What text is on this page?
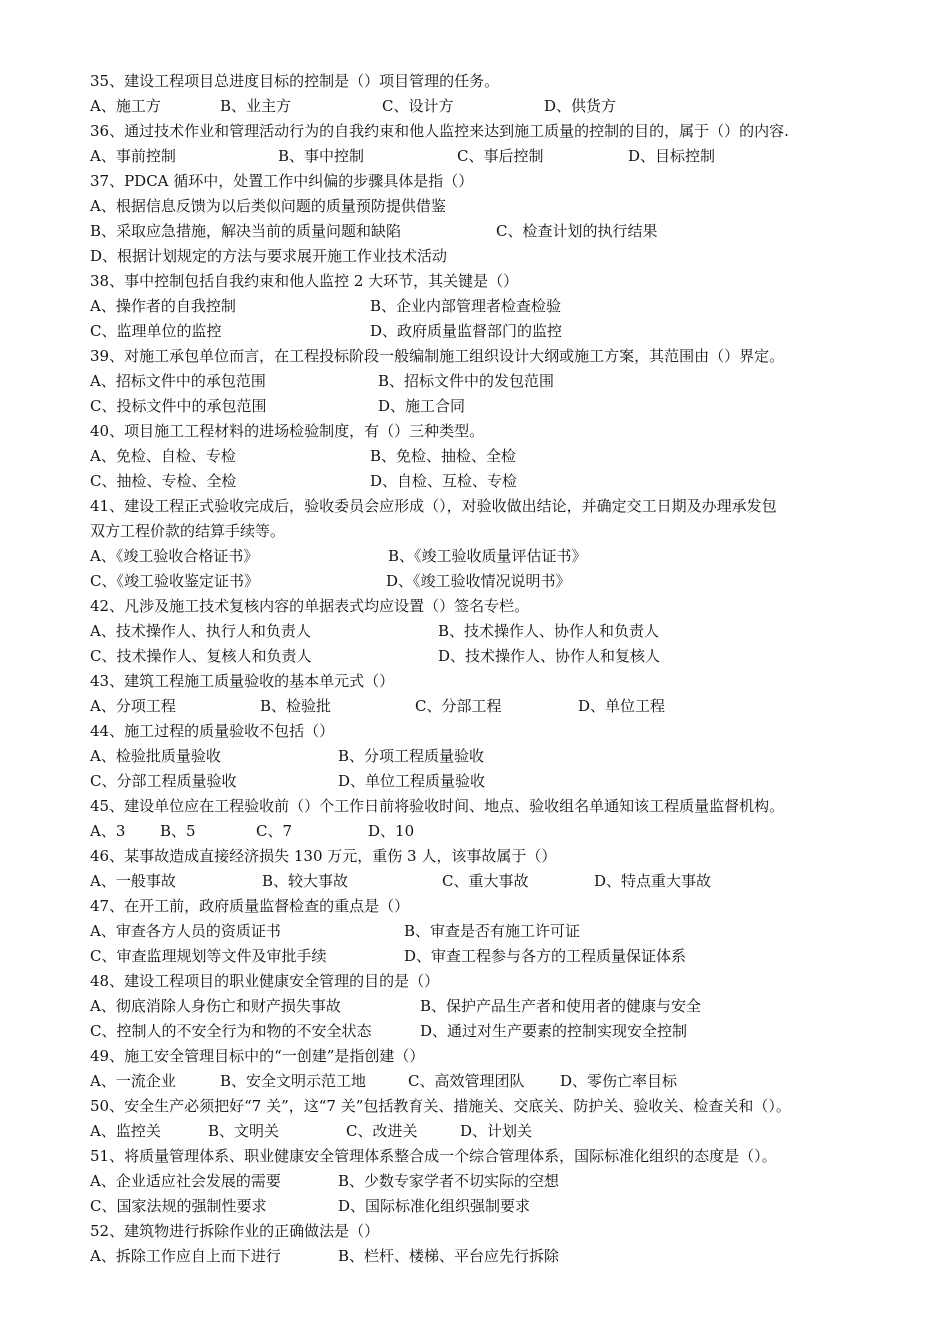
35、建设工程项目总进度目标的控制是（）项目管理的任务。
A、施工方	B、业主方	C、设计方	D、供货方
36、通过技术作业和管理活动行为的自我约束和他人监控来达到施工质量的控制的目的，属于（）的内容.
A、事前控制	B、事中控制	C、事后控制	D、目标控制
37、PDCA 循环中，处置工作中纠偏的步骤具体是指（）
A、根据信息反馈为以后类似问题的质量预防提供借鉴
B、采取应急措施，解决当前的质量问题和缺陷	C、检查计划的执行结果
D、根据计划规定的方法与要求展开施工作业技术活动
38、事中控制包括自我约束和他人监控 2 大环节，其关键是（）
A、操作者的自我控制	B、企业内部管理者检查检验
C、监理单位的监控	D、政府质量监督部门的监控
39、对施工承包单位而言，在工程投标阶段一般编制施工组织设计大纲或施工方案，其范围由（）界定。
A、招标文件中的承包范围	B、招标文件中的发包范围
C、投标文件中的承包范围	D、施工合同
40、项目施工工程材料的进场检验制度，有（）三种类型。
A、免检、自检、专检	B、免检、抽检、全检
C、抽检、专检、全检	D、自检、互检、专检
41、建设工程正式验收完成后，验收委员会应形成（），对验收做出结论，并确定交工日期及办理承发包
双方工程价款的结算手续等。
A、《竣工验收合格证书》	B、《竣工验收质量评估证书》
C、《竣工验收鉴定证书》	D、《竣工验收情况说明书》
42、凡涉及施工技术复核内容的单据表式均应设置（）签名专栏。
A、技术操作人、执行人和负责人	B、技术操作人、协作人和负责人
C、技术操作人、复核人和负责人	D、技术操作人、协作人和复核人
43、建筑工程施工质量验收的基本单元式（）
A、分项工程	B、检验批	C、分部工程	D、单位工程
44、施工过程的质量验收不包括（）
A、检验批质量验收	B、分项工程质量验收
C、分部工程质量验收	D、单位工程质量验收
45、建设单位应在工程验收前（）个工作日前将验收时间、地点、验收组名单通知该工程质量监督机构。
A、3 B、5	C、7	D、10
46、某事故造成直接经济损失 130 万元，重伤 3 人，该事故属于（）
A、一般事故	B、较大事故	C、重大事故	D、特点重大事故
47、在开工前，政府质量监督检查的重点是（）
A、审查各方人员的资质证书	B、审查是否有施工许可证
C、审查监理规划等文件及审批手续	D、审查工程参与各方的工程质量保证体系
48、建设工程项目的职业健康安全管理的目的是（）
A、彻底消除人身伤亡和财产损失事故	B、保护产品生产者和使用者的健康与安全
C、控制人的不安全行为和物的不安全状态	D、通过对生产要素的控制实现安全控制
49、施工安全管理目标中的“一创建”是指创建（）
A、一流企业	B、安全文明示范工地	C、高效管理团队 D、零伤亡率目标
50、安全生产必须把好“7 关”，这“7 关”包括教育关、措施关、交底关、防护关、验收关、检查关和（）。
A、监控关	B、文明关	C、改进关	D、计划关
51、将质量管理体系、职业健康安全管理体系整合成一个综合管理体系，国际标准化组织的态度是（）。
A、企业适应社会发展的需要	B、少数专家学者不切实际的空想
C、国家法规的强制性要求	D、国际标准化组织强制要求
52、建筑物进行拆除作业的正确做法是（）
A、拆除工作应自上而下进行	B、栏杆、楼梯、平台应先行拆除
